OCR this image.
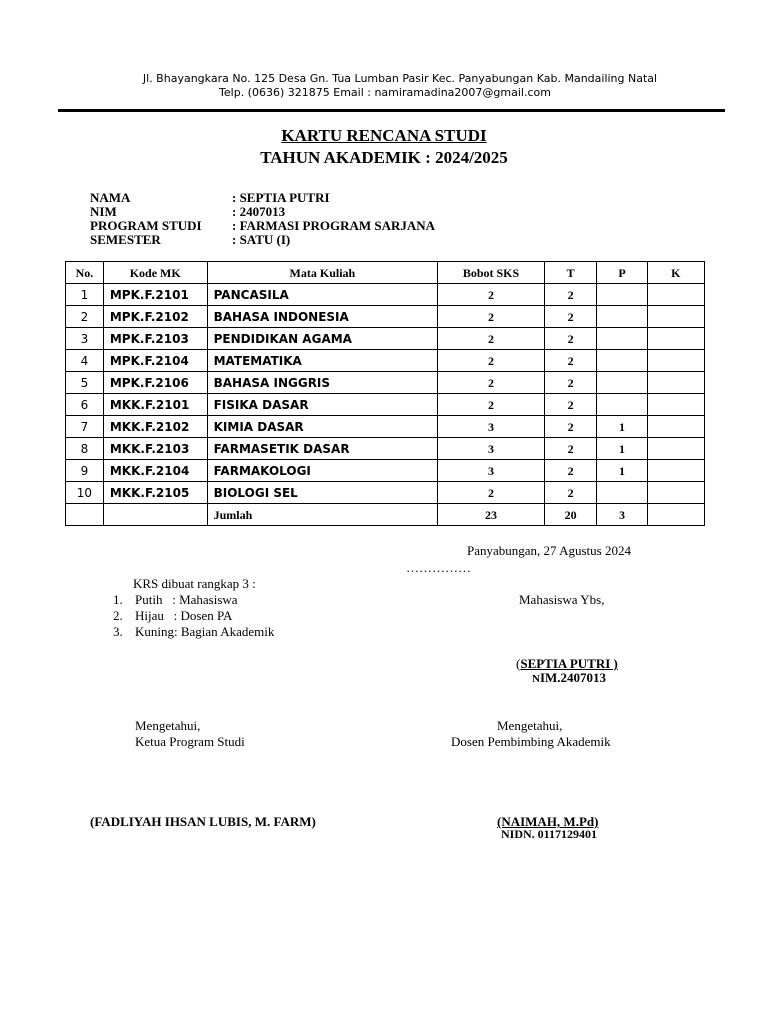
Jl. Bhayangkara No. 125 Desa Gn. Tua Lumban Pasir Kec. Panyabungan Kab. Mandailing Natal
Telp. (0636) 321875 Email : namiramadina2007@gmail.com
KARTU RENCANA STUDI
TAHUN AKADEMIK : 2024/2025
NAMA	: SEPTIA PUTRI
NIM	: 2407013
PROGRAM STUDI : FARMASI PROGRAM SARJANA
SEMESTER	: SATU (I)
No.	Kode MK	Mata Kuliah	Bobot SKS	T	P	K
1	MPK.F.2101	PANCASILA	2	2		
2	MPK.F.2102	BAHASA INDONESIA	2	2		
3	MPK.F.2103	PENDIDIKAN AGAMA	2	2		
4	MPK.F.2104	MATEMATIKA	2	2		
5	MPK.F.2106	BAHASA INGGRIS	2	2		
6	MKK.F.2101	FISIKA DASAR	2	2		
7	MKK.F.2102	KIMIA DASAR	3	2	1	
8	MKK.F.2103	FARMASETIK DASAR	3	2	1	
9	MKK.F.2104	FARMAKOLOGI	3	2	1	
10	MKK.F.2105	BIOLOGI SEL	2	2		
		Jumlah	23	20	3	
Panyabungan, 27 Agustus 2024
……………
KRS dibuat rangkap 3 :
1. Putih   : Mahasiswa
2. Hijau   : Dosen PA
3. Kuning: Bagian Akademik
Mahasiswa Ybs,
(SEPTIA PUTRI )
NIM.2407013
Mengetahui,
Ketua Program Studi
(FADLIYAH IHSAN LUBIS, M. FARM)
Mengetahui,
Dosen Pembimbing Akademik
(NAIMAH, M.Pd)
NIDN. 0117129401
